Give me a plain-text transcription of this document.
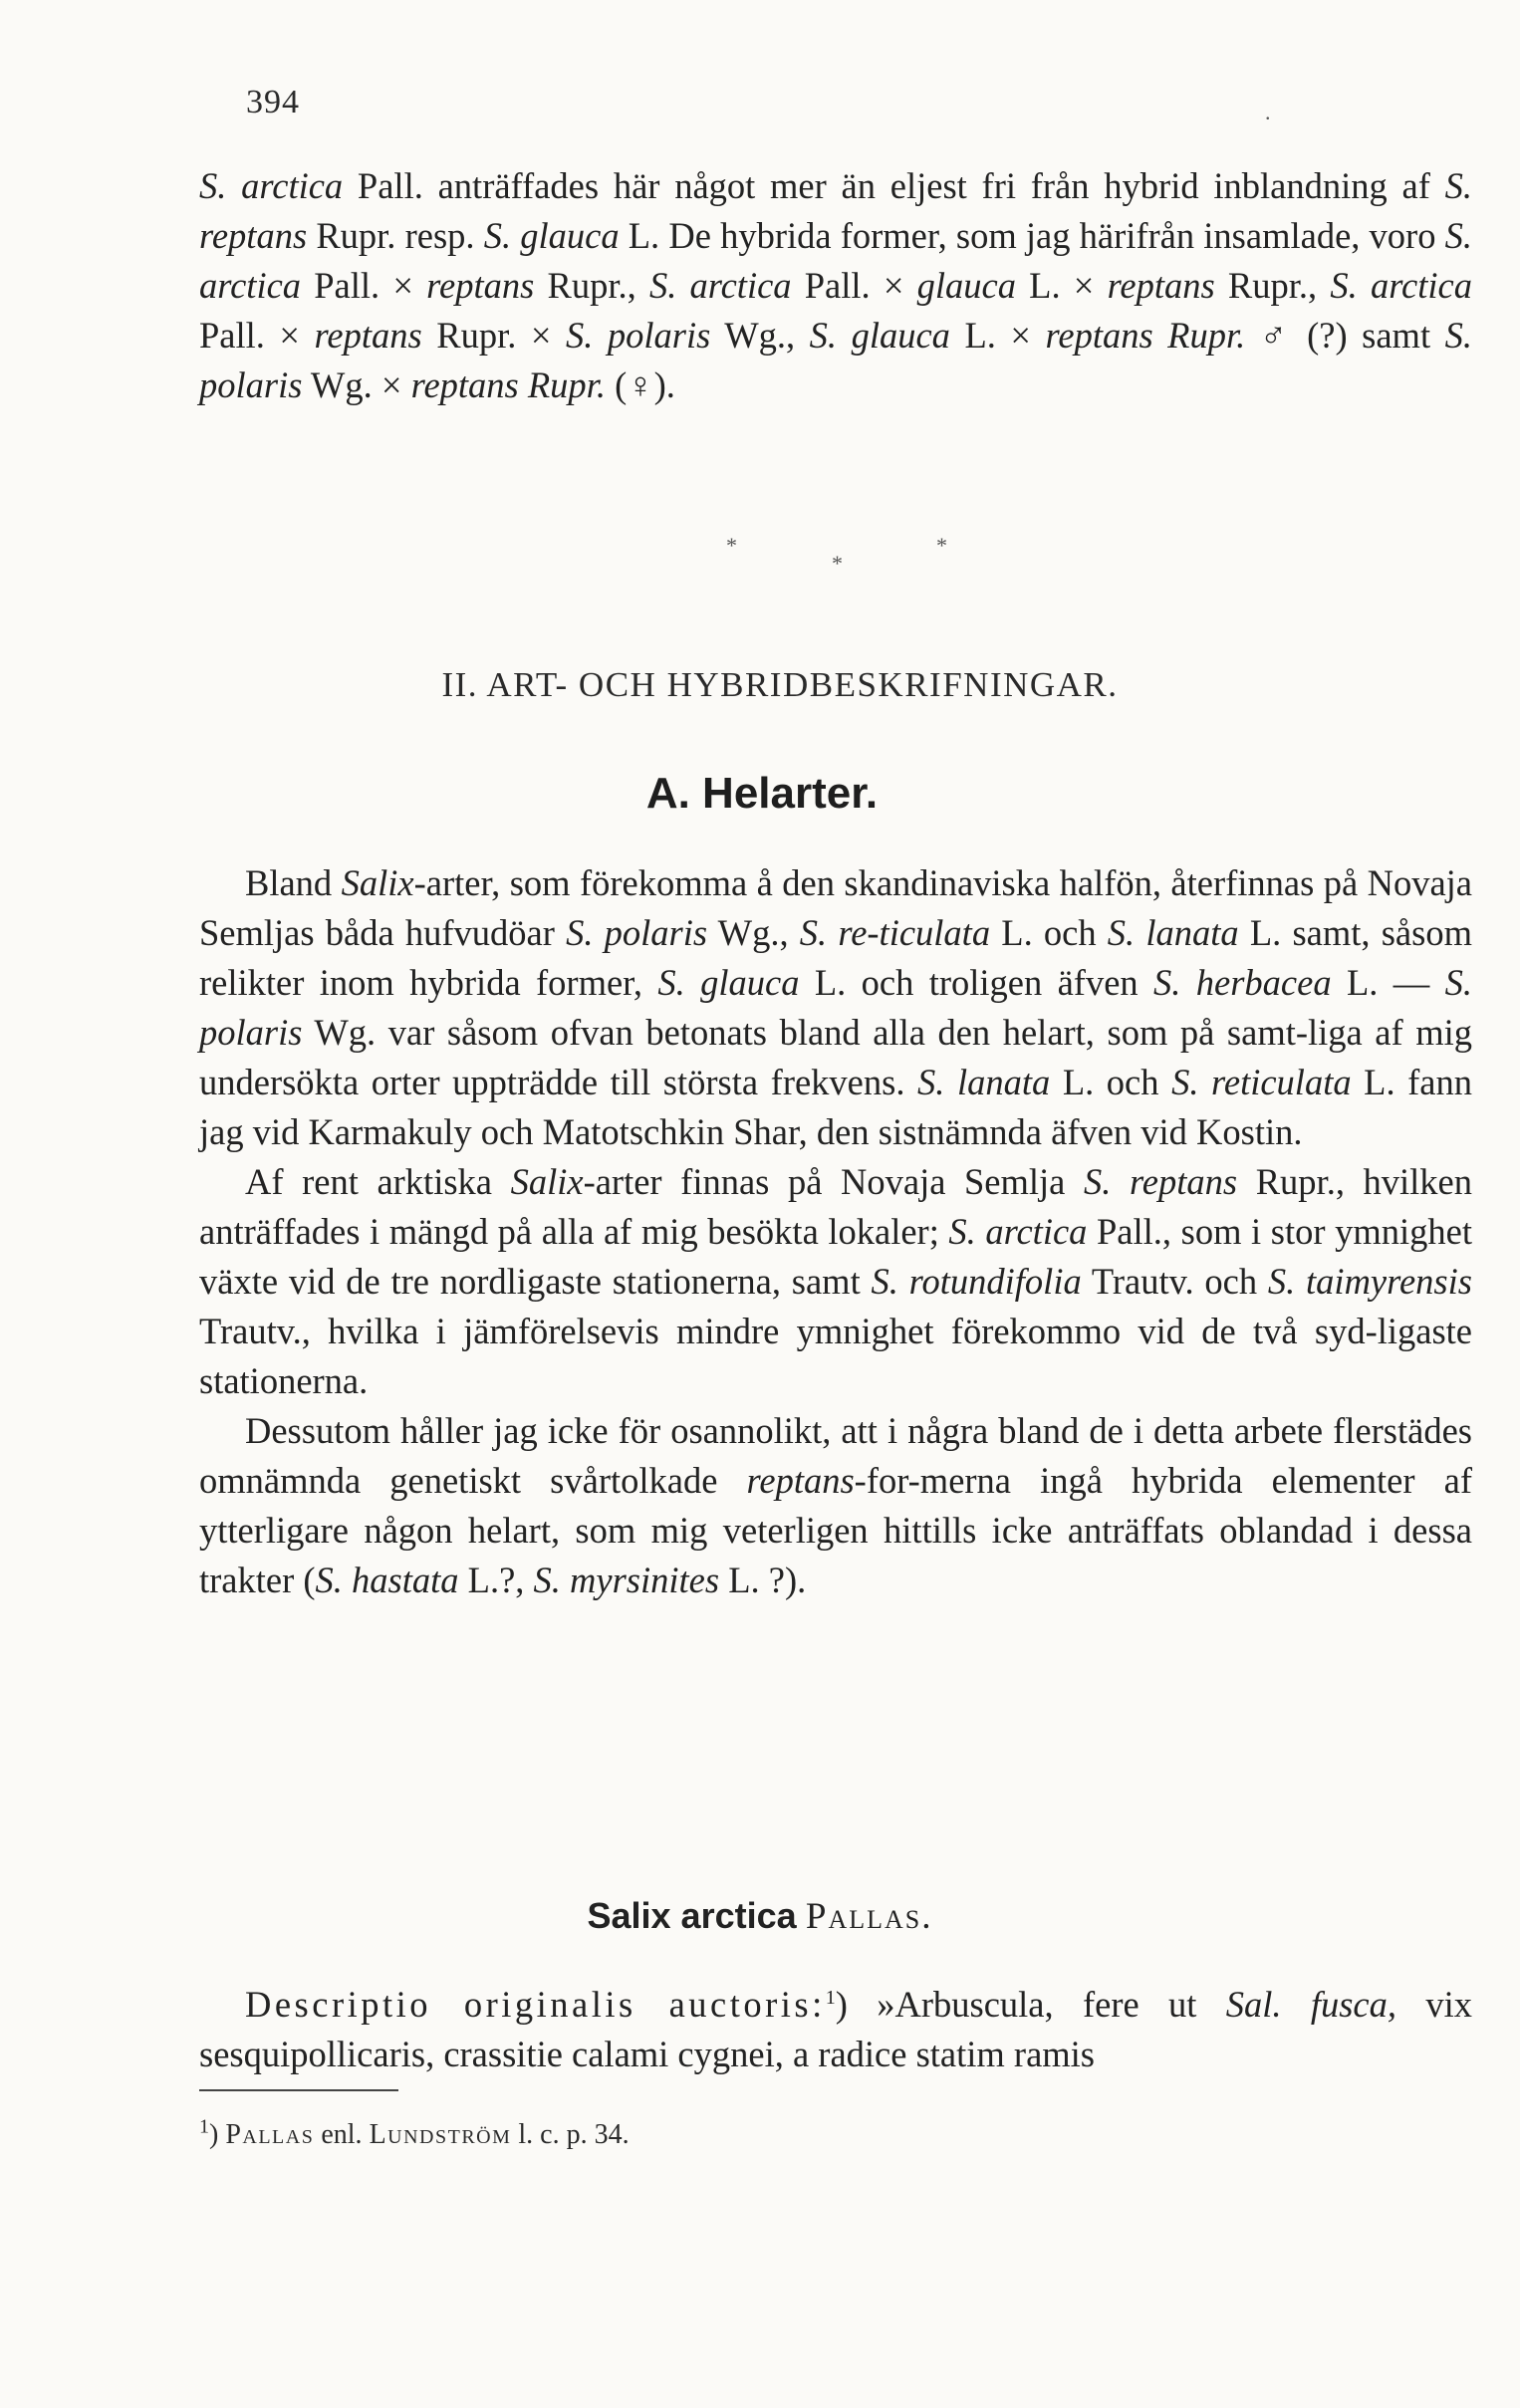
394	.

S. arctica Pall. anträffades här något mer än eljest fri från hybrid inblandning af S. reptans Rupr. resp. S. glauca L. De hybrida former, som jag härifrån insamlade, voro S. arctica Pall. × reptans Rupr., S. arctica Pall. × glauca L. × reptans Rupr., S. arctica Pall. × reptans Rupr. × S. polaris Wg., S. glauca L. × reptans Rupr. ♂ (?) samt S. polaris Wg. × reptans Rupr. (♀).

*
*
*
II. ART- OCH HYBRIDBESKRIFNINGAR.
A. Helarter.

Bland Salix-arter, som förekomma å den skandinaviska halfön, återfinnas på Novaja Semljas båda hufvudöar S. polaris Wg., S. re-ticulata L. och S. lanata L. samt, såsom relikter inom hybrida former, S. glauca L. och troligen äfven S. herbacea L. — S. polaris Wg. var såsom ofvan betonats bland alla den helart, som på samt-liga af mig undersökta orter uppträdde till största frekvens. S. lanata L. och S. reticulata L. fann jag vid Karmakuly och Matotschkin Shar, den sistnämnda äfven vid Kostin.

Af rent arktiska Salix-arter finnas på Novaja Semlja S. reptans Rupr., hvilken anträffades i mängd på alla af mig besökta lokaler; S. arctica Pall., som i stor ymnighet växte vid de tre nordligaste stationerna, samt S. rotundifolia Trautv. och S. taimyrensis Trautv., hvilka i jämförelsevis mindre ymnighet förekommo vid de två syd-ligaste stationerna.

Dessutom håller jag icke för osannolikt, att i några bland de i detta arbete flerstädes omnämnda genetiskt svårtolkade reptans-for-merna ingå hybrida elementer af ytterligare någon helart, som mig veterligen hittills icke anträffats oblandad i dessa trakter (S. hastata L.?, S. myrsinites L. ?).

Salix arctica Pallas.

Descriptio originalis auctoris:$^1$) »Arbuscula, fere ut Sal. fusca, vix sesquipollicaris, crassitie calami cygnei, a radice statim ramis

$^1$) Pallas enl. Lundström l. c. p. 34.
